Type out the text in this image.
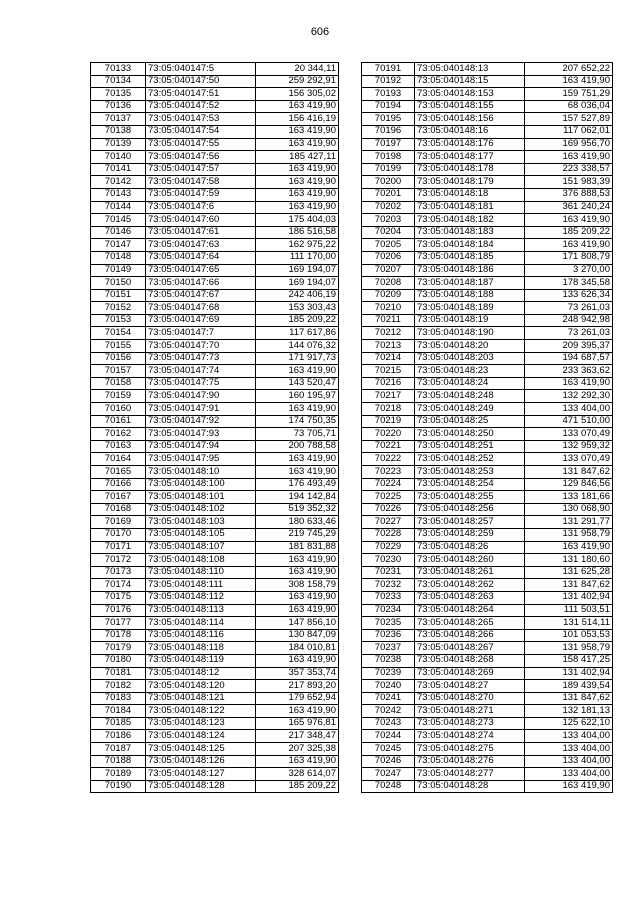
606
70133	73:05:040147:5	20 344,11
70134	73:05:040147:50	259 292,91
70135	73:05:040147:51	156 305,02
70136	73:05:040147:52	163 419,90
70137	73:05:040147:53	156 416,19
70138	73:05:040147:54	163 419,90
70139	73:05:040147:55	163 419,90
70140	73:05:040147:56	185 427,11
70141	73:05:040147:57	163 419,90
70142	73:05:040147:58	163 419,90
70143	73:05:040147:59	163 419,90
70144	73:05:040147:6	163 419,90
70145	73:05:040147:60	175 404,03
70146	73:05:040147:61	186 516,58
70147	73:05:040147:63	162 975,22
70148	73:05:040147:64	111 170,00
70149	73:05:040147:65	169 194,07
70150	73:05:040147:66	169 194,07
70151	73:05:040147:67	242 406,19
70152	73:05:040147:68	153 303,43
70153	73:05:040147:69	185 209,22
70154	73:05:040147:7	117 617,86
70155	73:05:040147:70	144 076,32
70156	73:05:040147:73	171 917,73
70157	73:05:040147:74	163 419,90
70158	73:05:040147:75	143 520,47
70159	73:05:040147:90	160 195,97
70160	73:05:040147:91	163 419,90
70161	73:05:040147:92	174 750,35
70162	73:05:040147:93	73 705,71
70163	73:05:040147:94	200 788,58
70164	73:05:040147:95	163 419,90
70165	73:05:040148:10	163 419,90
70166	73:05:040148:100	176 493,49
70167	73:05:040148:101	194 142,84
70168	73:05:040148:102	519 352,32
70169	73:05:040148:103	180 633,46
70170	73:05:040148:105	219 745,29
70171	73:05:040148:107	181 831,88
70172	73:05:040148:108	163 419,90
70173	73:05:040148:110	163 419,90
70174	73:05:040148:111	308 158,79
70175	73:05:040148:112	163 419,90
70176	73:05:040148:113	163 419,90
70177	73:05:040148:114	147 856,10
70178	73:05:040148:116	130 847,09
70179	73:05:040148:118	184 010,81
70180	73:05:040148:119	163 419,90
70181	73:05:040148:12	357 353,74
70182	73:05:040148:120	217 893,20
70183	73:05:040148:121	179 652,94
70184	73:05:040148:122	163 419,90
70185	73:05:040148:123	165 976,81
70186	73:05:040148:124	217 348,47
70187	73:05:040148:125	207 325,38
70188	73:05:040148:126	163 419,90
70189	73:05:040148:127	328 614,07
70190	73:05:040148:128	185 209,22
70191	73:05:040148:13	207 652,22
70192	73:05:040148:15	163 419,90
70193	73:05:040148:153	159 751,29
70194	73:05:040148:155	68 036,04
70195	73:05:040148:156	157 527,89
70196	73:05:040148:16	117 062,01
70197	73:05:040148:176	169 956,70
70198	73:05:040148:177	163 419,90
70199	73:05:040148:178	223 338,57
70200	73:05:040148:179	151 983,39
70201	73:05:040148:18	376 888,53
70202	73:05:040148:181	361 240,24
70203	73:05:040148:182	163 419,90
70204	73:05:040148:183	185 209,22
70205	73:05:040148:184	163 419,90
70206	73:05:040148:185	171 808,79
70207	73:05:040148:186	3 270,00
70208	73:05:040148:187	178 345,58
70209	73:05:040148:188	133 626,34
70210	73:05:040148:189	73 261,03
70211	73:05:040148:19	248 942,98
70212	73:05:040148:190	73 261,03
70213	73:05:040148:20	209 395,37
70214	73:05:040148:203	194 687,57
70215	73:05:040148:23	233 363,62
70216	73:05:040148:24	163 419,90
70217	73:05:040148:248	132 292,30
70218	73:05:040148:249	133 404,00
70219	73:05:040148:25	471 510,00
70220	73:05:040148:250	133 070,49
70221	73:05:040148:251	132 959,32
70222	73:05:040148:252	133 070,49
70223	73:05:040148:253	131 847,62
70224	73:05:040148:254	129 846,56
70225	73:05:040148:255	133 181,66
70226	73:05:040148:256	130 068,90
70227	73:05:040148:257	131 291,77
70228	73:05:040148:259	131 958,79
70229	73:05:040148:26	163 419,90
70230	73:05:040148:260	131 180,60
70231	73:05:040148:261	131 625,28
70232	73:05:040148:262	131 847,62
70233	73:05:040148:263	131 402,94
70234	73:05:040148:264	111 503,51
70235	73:05:040148:265	131 514,11
70236	73:05:040148:266	101 053,53
70237	73:05:040148:267	131 958,79
70238	73:05:040148:268	158 417,25
70239	73:05:040148:269	131 402,94
70240	73:05:040148:27	189 439,54
70241	73:05:040148:270	131 847,62
70242	73:05:040148:271	132 181,13
70243	73:05:040148:273	125 622,10
70244	73:05:040148:274	133 404,00
70245	73:05:040148:275	133 404,00
70246	73:05:040148:276	133 404,00
70247	73:05:040148:277	133 404,00
70248	73:05:040148:28	163 419,90
